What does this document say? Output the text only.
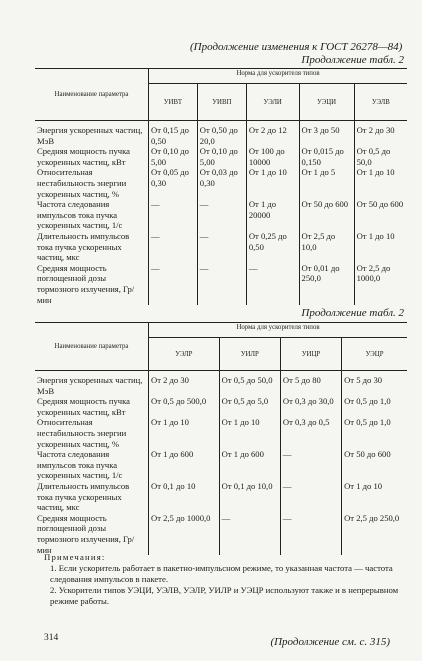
(Продолжение изменения к ГОСТ 26278—84)
Продолжение табл. 2
Наименование параметра	Норма для ускорителя типов				
	УИВТ	УИВП	УЭЛИ	УЭЦИ	УЭЛВ

Энергия ускоренных частиц, МэВ	От 0,15 до 0,50	От 0,50 до 20,0	От 2 до 12	От 3 до 50	От 2 до 30

Средняя мощность пучка ускоренных частиц, кВт	От 0,10 до 5,00	От 0,10 до 5,00	От 100 до 10000	От 0,015 до 0,150	От 0,5 до 50,0

Относительная нестабильность энергии ускоренных частиц, %	От 0,05 до 0,30	От 0,03 до 0,30	От 1 до 10	От 1 до 5	От 1 до 10

Частота следования импульсов тока пучка ускоренных частиц, 1/с	—	—	От 1 до 20000	От 50 до 600	От 50 до 600

Длительность импульсов тока пучка ускоренных частиц, мкс	—	—	От 0,25 до 0,50	От 2,5 до 10,0	От 1 до 10

Средняя мощность поглощенной дозы тормозного излучения, Гр/мин	—	—	—	От 0,01 до 250,0	От 2,5 до 1000,0
Продолжение табл. 2
Наименование параметра	Норма для ускорителя типов			
	УЭЛР	УИЛР	УИЦР	УЭЦР

Энергия ускоренных частиц, МэВ	От 2 до 30	От 0,5 до 50,0	От 5 до 80	От 5 до 30

Средняя мощность пучка ускоренных частиц, кВт	От 0,5 до 500,0	От 0,5 до 5,0	От 0,3 до 30,0	От 0,5 до 1,0

Относительная нестабильность энергии ускоренных частиц, %	От 1 до 10	От 1 до 10	От 0,3 до 0,5	От 0,5 до 1,0

Частота следования импульсов тока пучка ускоренных частиц, 1/с	От 1 до 600	От 1 до 600	—	От 50 до 600

Длительность импульсов тока пучка ускоренных частиц, мкс	От 0,1 до 10	От 0,1 до 10,0	—	От 1 до 10

Средняя мощность поглощенной дозы тормозного излучения, Гр/мин	От 2,5 до 1000,0	—	—	От 2,5 до 250,0

Примечания:

1. Если ускоритель работает в пакетно-импульсном режиме, то указанная частота — частота следования импульсов в пакете.

2. Ускорители типов УЭЦИ, УЭЛВ, УЭЛР, УИЛР и УЭЦР используют также и в непрерывном режиме работы.

314	(Продолжение см. с. 315)
